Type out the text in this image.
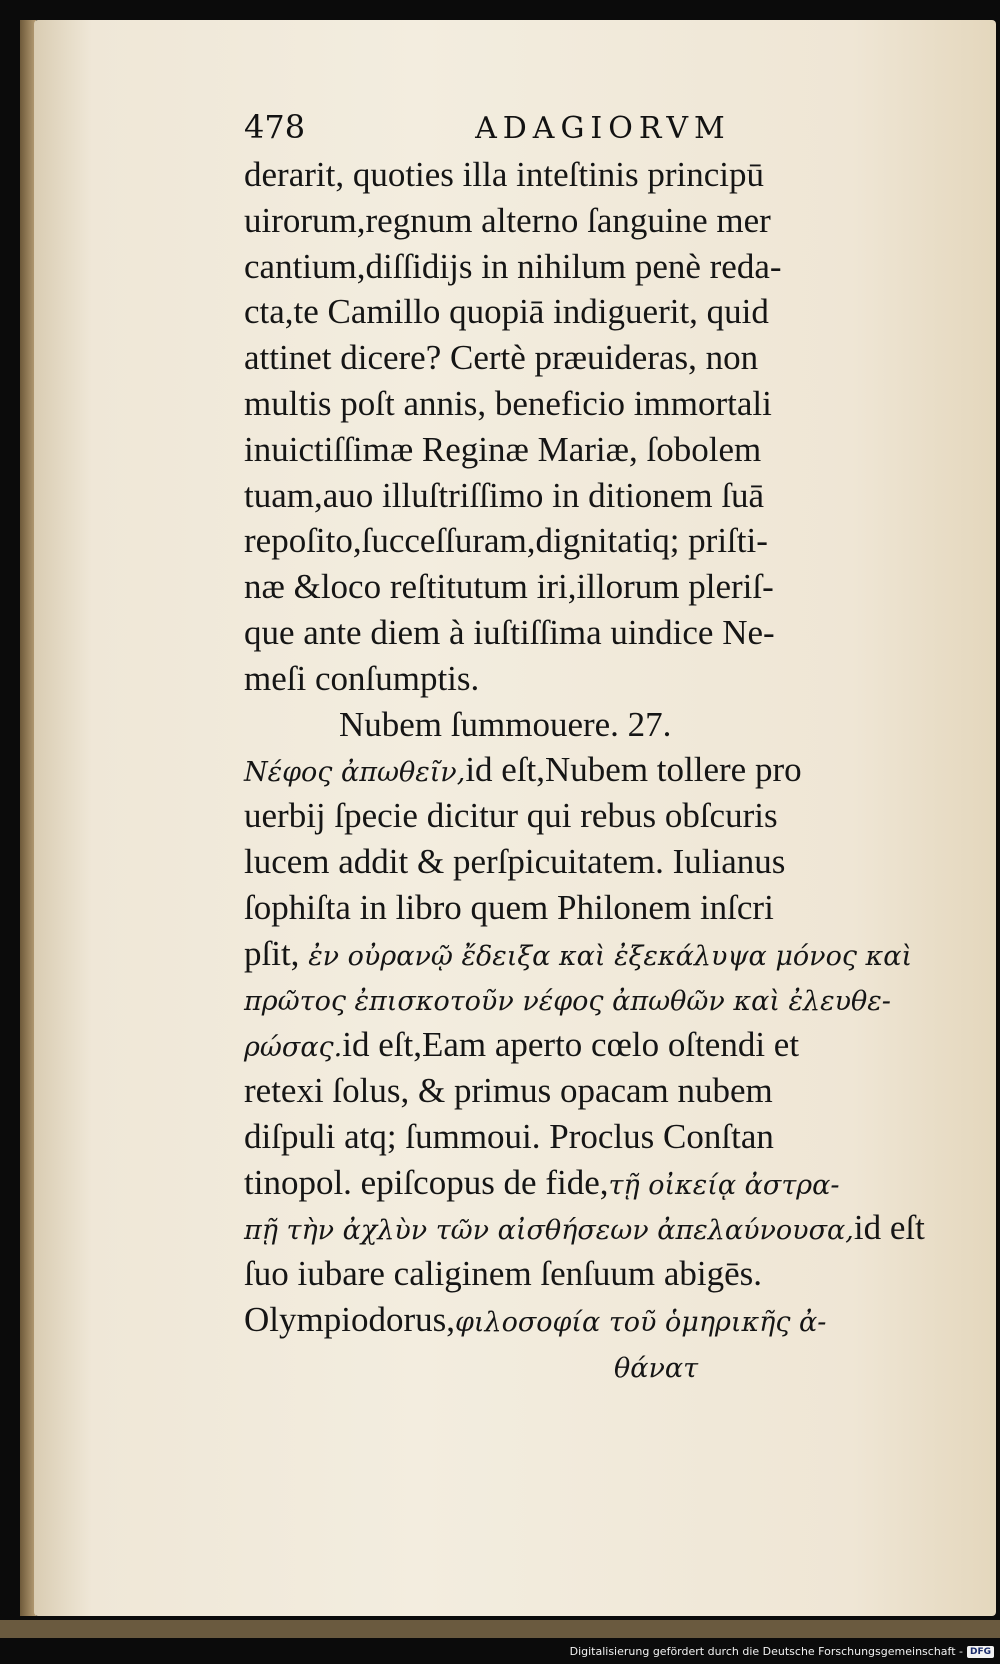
478	ADAGIORVM
derarit, quoties illa inteſtinis principū
uirorum,regnum alterno ſanguine mer
cantium,diſſidijs in nihilum penè reda-
cta,te Camillo quopiā indiguerit, quid
attinet dicere? Certè præuideras, non
multis poſt annis, beneficio immortali
inuictiſſimæ Reginæ Mariæ, ſobolem
tuam,auo illuſtriſſimo in ditionem ſuā
repoſito,ſucceſſuram,dignitatiq; priſti-
næ &loco reſtitutum iri,illorum pleriſ-
que ante diem à iuſtiſſima uindice Ne-
meſi conſumptis.
Nubem ſummouere. 27.
Νέφος ἀπωθεῖν,id eſt,Nubem tollere pro
uerbij ſpecie dicitur qui rebus obſcuris
lucem addit & perſpicuitatem. Iulianus
ſophiſta in libro quem Philonem inſcri
pſit, ἐν οὐρανῷ ἔδειξα καὶ ἐξεκάλυψα μόνος καὶ
πρῶτος ἐπισκοτοῦν νέφος ἀπωθῶν καὶ ἐλευθε-
ρώσας.id eſt,Eam aperto cœlo oſtendi et
retexi ſolus, & primus opacam nubem
diſpuli atq; ſummoui. Proclus Conſtan
tinopol. epiſcopus de fide,τῇ οἰκείᾳ ἀστρα-
πῇ τὴν ἀχλὺν τῶν αἰσθήσεων ἀπελαύνουσα,id eſt
ſuo iubare caliginem ſenſuum abigēs.
Olympiodorus,φιλοσοφία τοῦ ὁμηρικῆς ἀ-
θάνατ
Digitalisierung gefördert durch die Deutsche Forschungsgemeinschaft - DFG
